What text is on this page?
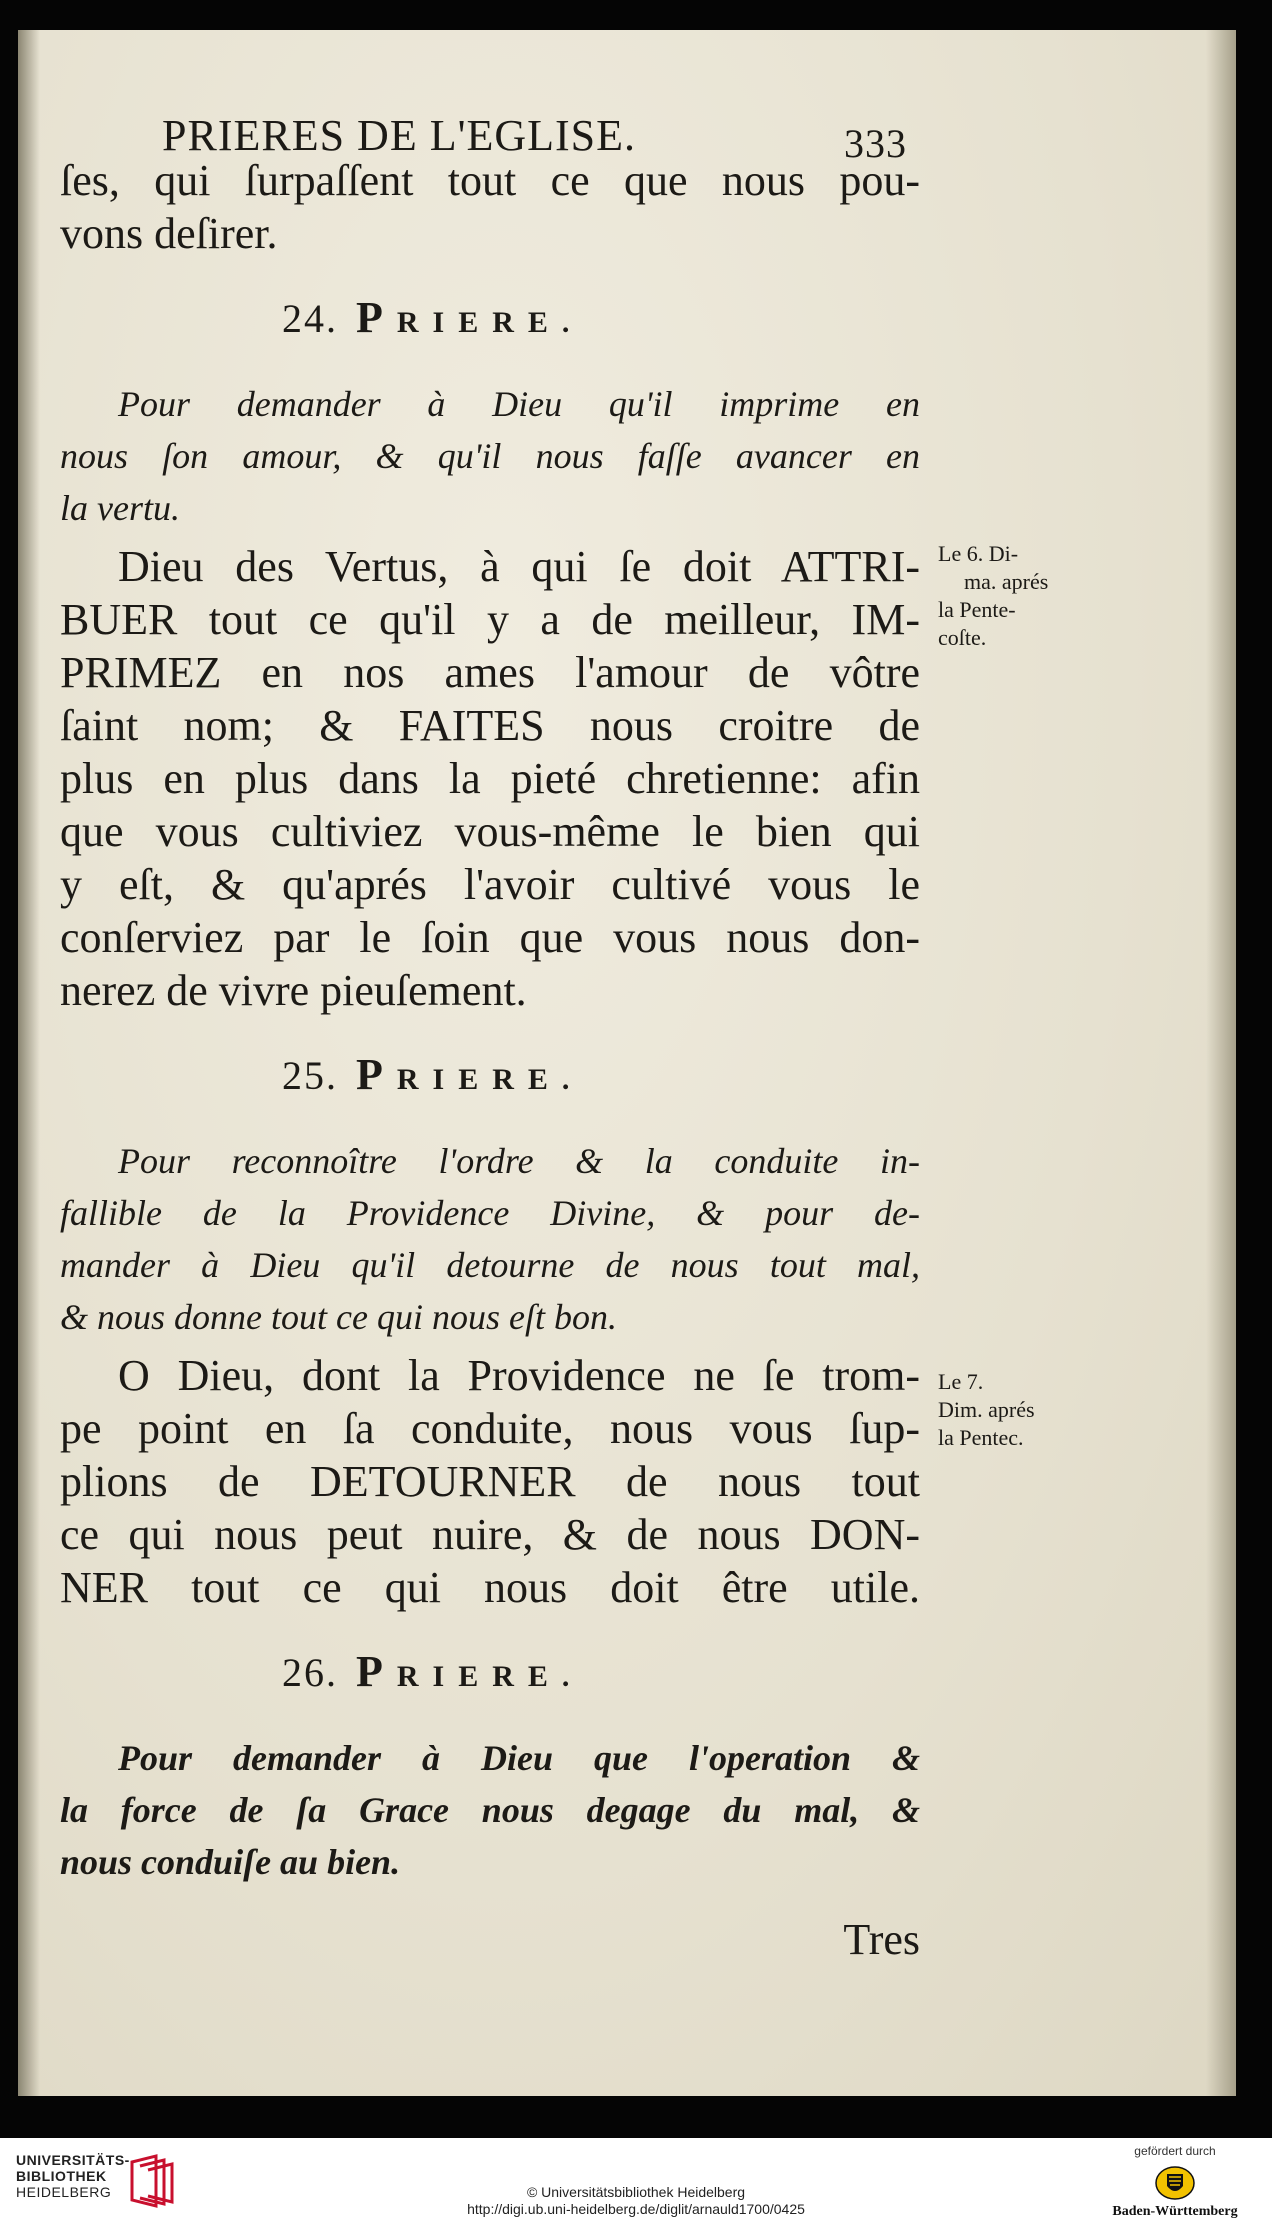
PRIERES DE L'EGLISE.	333
ſes, qui ſurpaſſent tout ce que nous pou-
vons deſirer.
24. PRIERE.
Pour demander à Dieu qu'il imprime en
nous ſon amour, & qu'il nous faſſe avancer en
la vertu.
Dieu des Vertus, à qui ſe doit ATTRI-
BUER tout ce qu'il y a de meilleur, IM-
PRIMEZ en nos ames l'amour de vôtre
ſaint nom; & FAITES nous croitre de
plus en plus dans la pieté chretienne: afin
que vous cultiviez vous-même le bien qui
y eſt, & qu'aprés l'avoir cultivé vous le
conſerviez par le ſoin que vous nous don-
nerez de vivre pieuſement.
25. PRIERE.
Pour reconnoître l'ordre & la conduite in-
fallible de la Providence Divine, & pour de-
mander à Dieu qu'il detourne de nous tout mal,
& nous donne tout ce qui nous eſt bon.
O Dieu, dont la Providence ne ſe trom-
pe point en ſa conduite, nous vous ſup-
plions de DETOURNER de nous tout
ce qui nous peut nuire, & de nous DON-
NER tout ce qui nous doit être utile.
26. PRIERE.
Pour demander à Dieu que l'operation &
la force de ſa Grace nous degage du mal, &
nous conduiſe au bien.
Tres
Le 6. Di-
ma. aprés
la Pente-
coſte.
Le 7.
Dim. aprés
la Pentec.
UNIVERSITÄTS-
BIBLIOTHEK
HEIDELBERG	© Universitätsbibliothek Heidelberg
http://digi.ub.uni-heidelberg.de/diglit/arnauld1700/0425
gefördert durch
Baden-Württemberg
